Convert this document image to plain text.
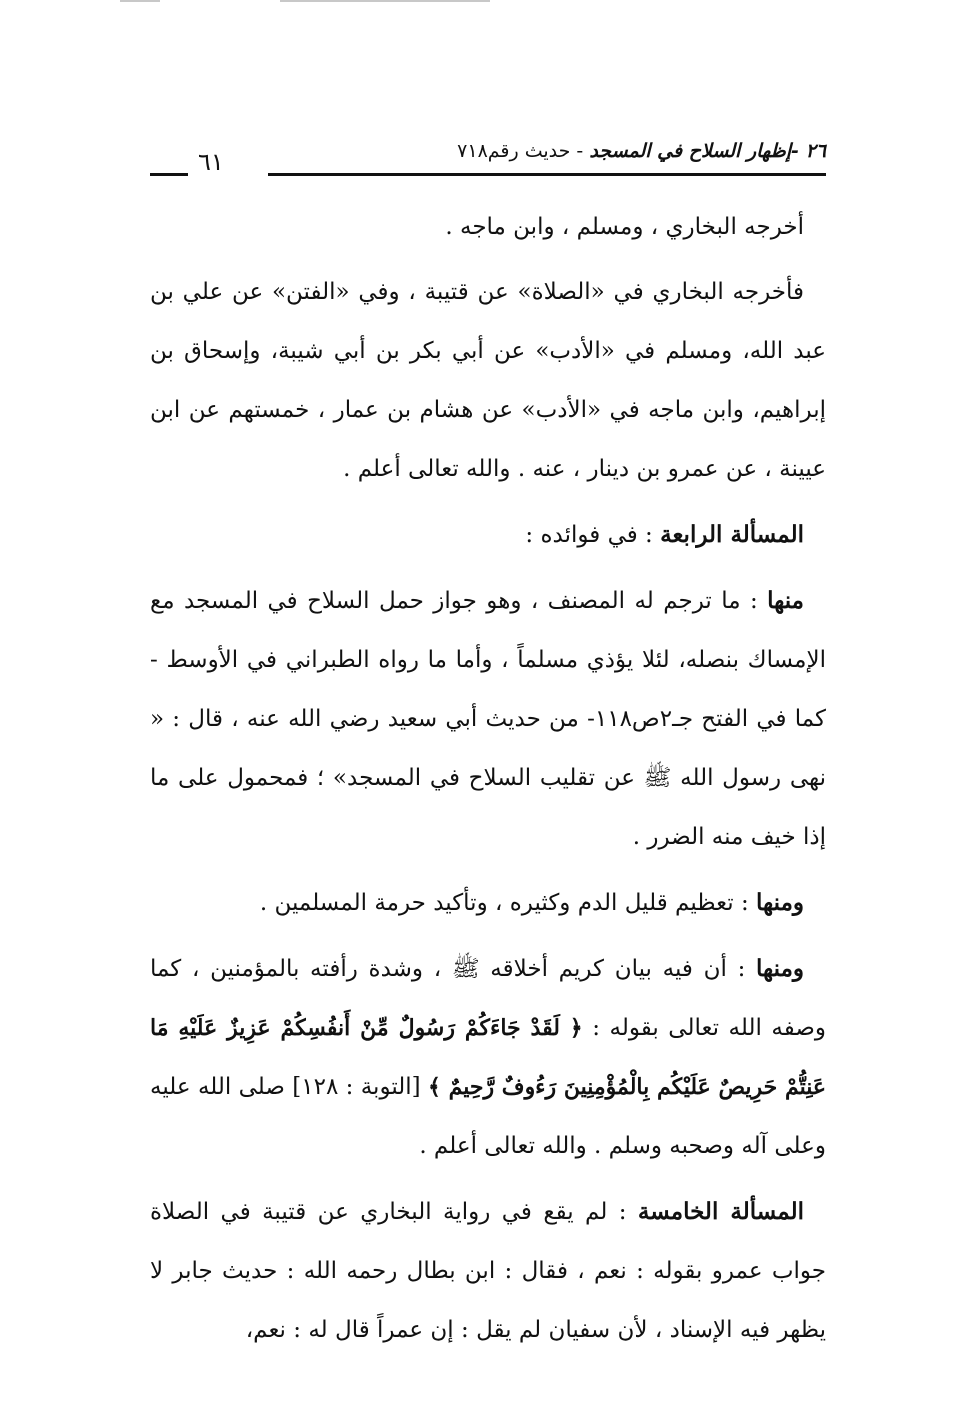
٢٦ -إظهار السلاح في المسجد - حديث رقم٧١٨
٦١

أخرجه البخاري ، ومسلم ، وابن ماجه .

فأخرجه البخاري في «الصلاة» عن قتيبة ، وفي «الفتن» عن علي بن عبد الله، ومسلم في «الأدب» عن أبي بكر بن أبي شيبة، وإسحاق بن إبراهيم، وابن ماجه في «الأدب» عن هشام بن عمار ، خمستهم عن ابن عيينة ، عن عمرو بن دينار ، عنه . والله تعالى أعلم .

المسألة الرابعة : في فوائده :

منها : ما ترجم له المصنف ، وهو جواز حمل السلاح في المسجد مع الإمساك بنصله، لئلا يؤذي مسلماً ، وأما ما رواه الطبراني في الأوسط - كما في الفتح جـ٢ص١١٨- من حديث أبي سعيد رضي الله عنه ، قال : « نهى رسول الله ﷺ عن تقليب السلاح في المسجد» ؛ فمحمول على ما إذا خيف منه الضرر .

ومنها : تعظيم قليل الدم وكثيره ، وتأكيد حرمة المسلمين .

ومنها : أن فيه بيان كريم أخلاقه ﷺ ، وشدة رأفته بالمؤمنين ، كما وصفه الله تعالى بقوله : ﴿ لَقَدْ جَاءَكُمْ رَسُولٌ مِّنْ أَنفُسِكُمْ عَزِيزٌ عَلَيْهِ مَا عَنِتُّمْ حَرِيصٌ عَلَيْكُم بِالْمُؤْمِنِينَ رَءُوفٌ رَّحِيمٌ ﴾ [التوبة : ١٢٨] صلى الله عليه وعلى آله وصحبه وسلم . والله تعالى أعلم .

المسألة الخامسة : لم يقع في رواية البخاري عن قتيبة في الصلاة جواب عمرو بقوله : نعم ، فقال : ابن بطال رحمه الله : حديث جابر لا يظهر فيه الإسناد ، لأن سفيان لم يقل : إن عمراً قال له : نعم،
